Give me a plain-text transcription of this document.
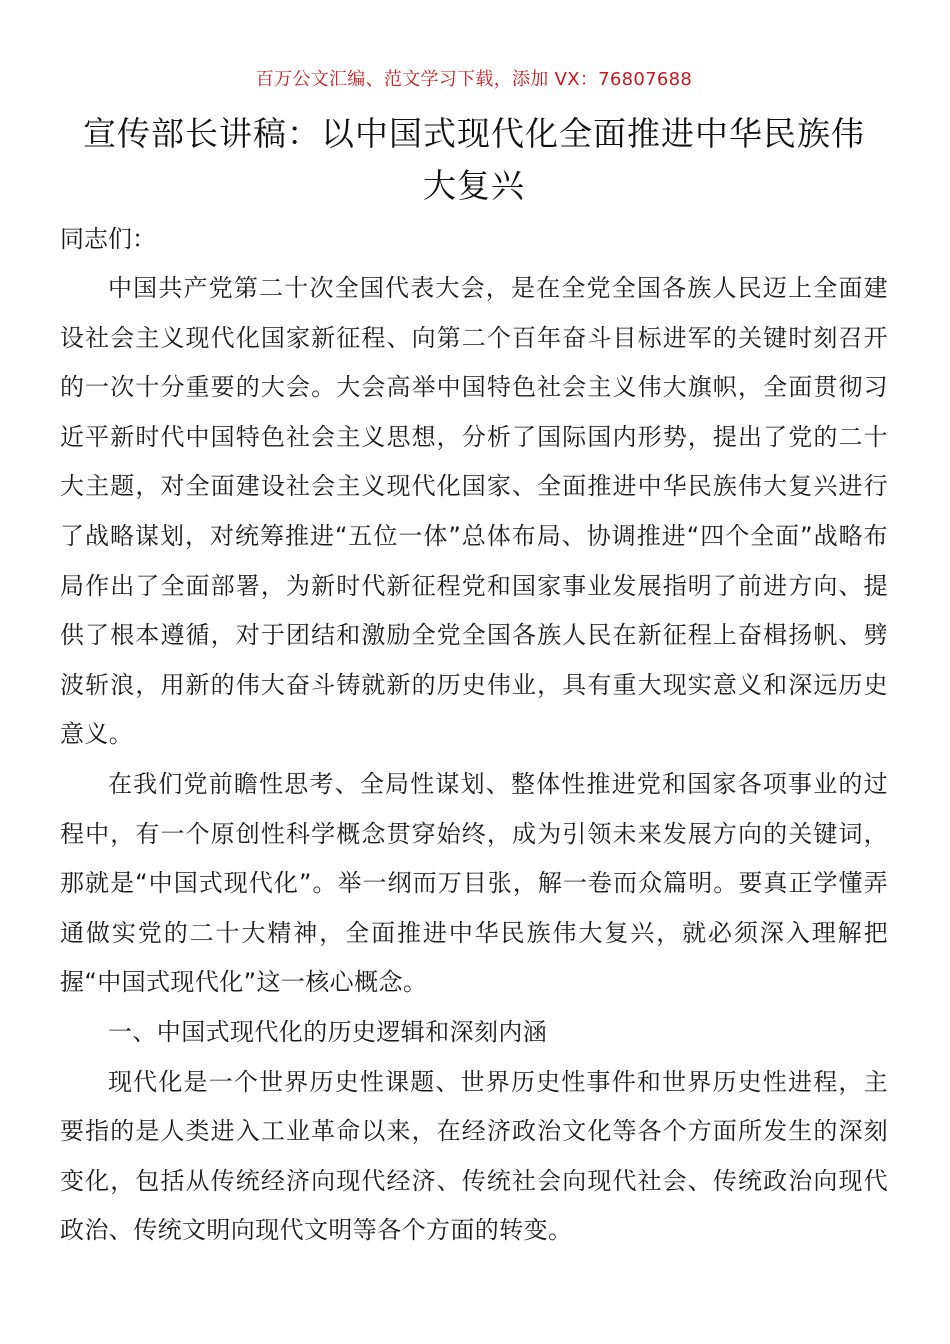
百万公文汇编、范文学习下载，添加 VX：76807688
宣传部长讲稿：以中国式现代化全面推进中华民族伟
大复兴
同志们：

中国共产党第二十次全国代表大会，是在全党全国各族人民迈上全面建设社会主义现代化国家新征程、向第二个百年奋斗目标进军的关键时刻召开的一次十分重要的大会。大会高举中国特色社会主义伟大旗帜，全面贯彻习近平新时代中国特色社会主义思想，分析了国际国内形势，提出了党的二十大主题，对全面建设社会主义现代化国家、全面推进中华民族伟大复兴进行了战略谋划，对统筹推进“五位一体”总体布局、协调推进“四个全面”战略布局作出了全面部署，为新时代新征程党和国家事业发展指明了前进方向、提供了根本遵循，对于团结和激励全党全国各族人民在新征程上奋楫扬帆、劈波斩浪，用新的伟大奋斗铸就新的历史伟业，具有重大现实意义和深远历史意义。

在我们党前瞻性思考、全局性谋划、整体性推进党和国家各项事业的过程中，有一个原创性科学概念贯穿始终，成为引领未来发展方向的关键词，那就是“中国式现代化”。举一纲而万目张，解一卷而众篇明。要真正学懂弄通做实党的二十大精神，全面推进中华民族伟大复兴，就必须深入理解把握“中国式现代化”这一核心概念。

一、中国式现代化的历史逻辑和深刻内涵

现代化是一个世界历史性课题、世界历史性事件和世界历史性进程，主要指的是人类进入工业革命以来，在经济政治文化等各个方面所发生的深刻变化，包括从传统经济向现代经济、传统社会向现代社会、传统政治向现代政治、传统文明向现代文明等各个方面的转变。
